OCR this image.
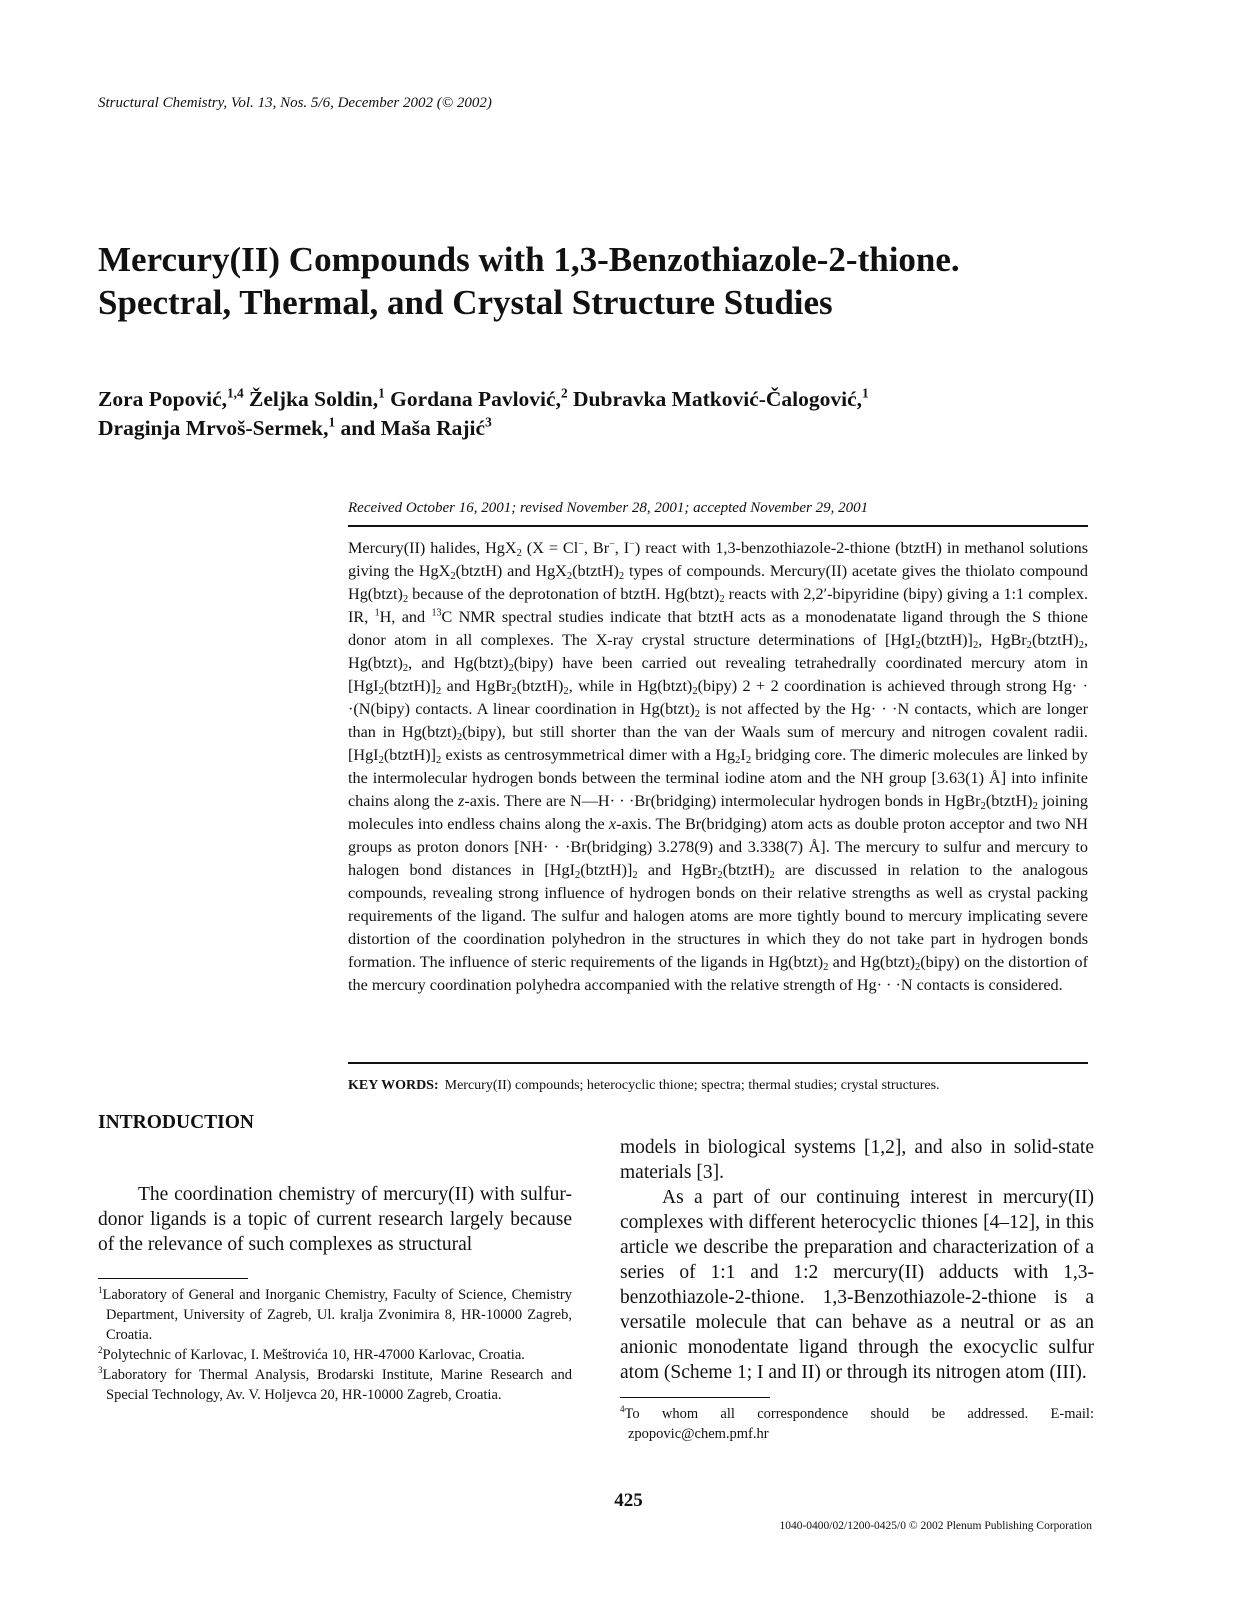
Structural Chemistry, Vol. 13, Nos. 5/6, December 2002 (© 2002)
Mercury(II) Compounds with 1,3-Benzothiazole-2-thione.
Spectral, Thermal, and Crystal Structure Studies
Zora Popović,$^{1,4}$ Željka Soldin,$^1$ Gordana Pavlović,$^2$ Dubravka Matković-Čalogović,$^1$
Draginja Mrvoš-Sermek,$^1$ and Maša Rajić$^3$
Received October 16, 2001; revised November 28, 2001; accepted November 29, 2001

Mercury(II) halides, HgX$_2$ (X = Cl−, Br−, I−) react with 1,3-benzothiazole-2-thione (btztH) in methanol solutions giving the HgX$_2$(btztH) and $HgX_2(btztH)_2$ types of compounds. Mercury(II) acetate gives the thiolato compound $Hg(btzt)_2$ because of the deprotonation of btztH. $Hg(btzt)_2$ reacts with 2,2′-bipyridine (bipy) giving a 1:1 complex. IR, $^1$H, and $^{13}$C NMR spectral studies indicate that btztH acts as a monodenatate ligand through the S thione donor atom in all complexes. The X-ray crystal structure determinations of $[HgI_2(btztH)]_2$, $HgBr_2(btztH)_2$, $Hg(btzt)_2$, and $Hg(btzt)_2(bipy)$ have been carried out revealing tetrahedrally coordinated mercury atom in $[HgI_2(btztH)]_2$ and $HgBr_2(btztH)_2$, while in $Hg(btzt)_2(bipy) 2 + 2$ coordination is achieved through strong Hg· · ·(N(bipy) contacts. A linear coordination in $Hg(btzt)_2$ is not affected by the Hg· · ·N contacts, which are longer than in $Hg(btzt)_2(bipy)$, but still shorter than the van der Waals sum of mercury and nitrogen covalent radii. $[HgI_2(btztH)]_2$ exists as centrosymmetrical dimer with a $Hg_2I_2$ bridging core. The dimeric molecules are linked by the intermolecular hydrogen bonds between the terminal iodine atom and the NH group [3.63(1) Å] into infinite chains along the z-axis. There are N—H· · ·Br(bridging) intermolecular hydrogen bonds in $HgBr_2(btztH)_2$ joining molecules into endless chains along the x-axis. The Br(bridging) atom acts as double proton acceptor and two NH groups as proton donors [NH· · ·Br(bridging) 3.278(9) and 3.338(7) Å]. The mercury to sulfur and mercury to halogen bond distances in $[HgI_2(btztH)]_2$ and $HgBr_2(btztH)_2$ are discussed in relation to the analogous compounds, revealing strong influence of hydrogen bonds on their relative strengths as well as crystal packing requirements of the ligand. The sulfur and halogen atoms are more tightly bound to mercury implicating severe distortion of the coordination polyhedron in the structures in which they do not take part in hydrogen bonds formation. The influence of steric requirements of the ligands in $Hg(btzt)_2$ and $Hg(btzt)_2(bipy)$ on the distortion of the mercury coordination polyhedra accompanied with the relative strength of Hg· · ·N contacts is considered.

KEY WORDS: Mercury(II) compounds; heterocyclic thione; spectra; thermal studies; crystal structures.
INTRODUCTION

The coordination chemistry of mercury(II) with sulfur-donor ligands is a topic of current research largely because of the relevance of such complexes as structural

models in biological systems [1,2], and also in solid-state materials [3].

As a part of our continuing interest in mercury(II) complexes with different heterocyclic thiones [4–12], in this article we describe the preparation and characterization of a series of 1:1 and 1:2 mercury(II) adducts with 1,3-benzothiazole-2-thione. 1,3-Benzothiazole-2-thione is a versatile molecule that can behave as a neutral or as an anionic monodentate ligand through the exocyclic sulfur atom (Scheme 1; I and II) or through its nitrogen atom (III).

$^1$Laboratory of General and Inorganic Chemistry, Faculty of Science, Chemistry Department, University of Zagreb, Ul. kralja Zvonimira 8, HR-10000 Zagreb, Croatia.

$^2$Polytechnic of Karlovac, I. Meštrovića 10, HR-47000 Karlovac, Croatia.

$^3$Laboratory for Thermal Analysis, Brodarski Institute, Marine Research and Special Technology, Av. V. Holjevca 20, HR-10000 Zagreb, Croatia.

$^4$To whom all correspondence should be addressed. E-mail: zpopovic@chem.pmf.hr

425
1040-0400/02/1200-0425/0 © 2002 Plenum Publishing Corporation
